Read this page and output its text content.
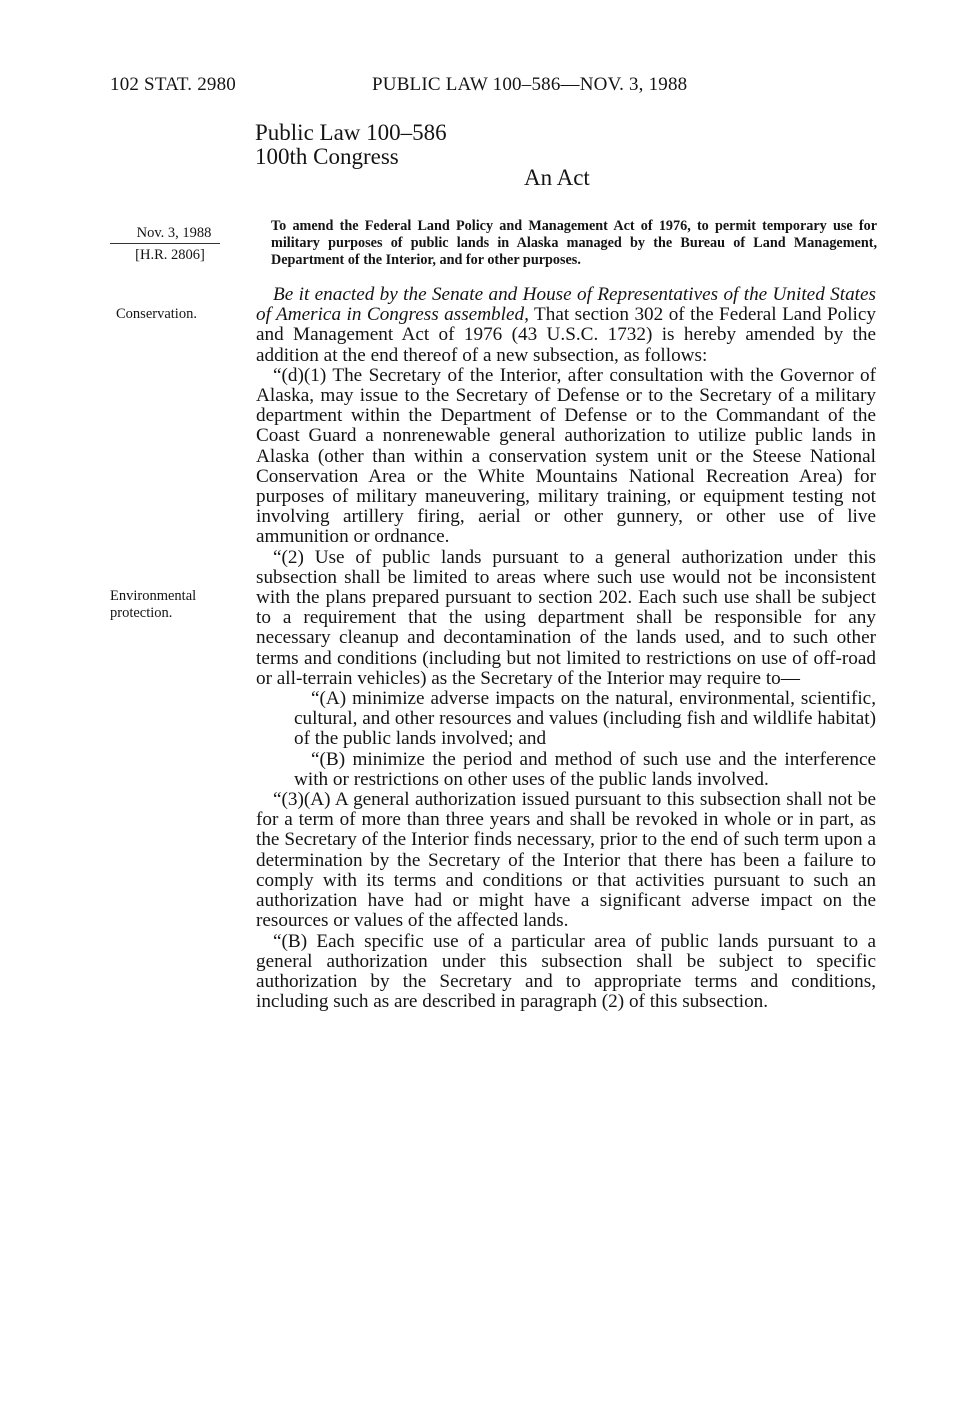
102 STAT. 2980	PUBLIC LAW 100–586—NOV. 3, 1988
Public Law 100–586
100th Congress
An Act
Nov. 3, 1988
[H.R. 2806]
Conservation.
Environmental
protection.
To amend the Federal Land Policy and Management Act of 1976, to permit temporary use for military purposes of public lands in Alaska managed by the Bureau of Land Management, Department of the Interior, and for other purposes.

Be it enacted by the Senate and House of Representatives of the United States of America in Congress assembled, That section 302 of the Federal Land Policy and Management Act of 1976 (43 U.S.C. 1732) is hereby amended by the addition at the end thereof of a new subsection, as follows:

“(d)(1) The Secretary of the Interior, after consultation with the Governor of Alaska, may issue to the Secretary of Defense or to the Secretary of a military department within the Department of Defense or to the Commandant of the Coast Guard a nonrenewable general authorization to utilize public lands in Alaska (other than within a conservation system unit or the Steese National Conservation Area or the White Mountains National Recreation Area) for purposes of military maneuvering, military training, or equipment testing not involving artillery firing, aerial or other gunnery, or other use of live ammunition or ordnance.

“(2) Use of public lands pursuant to a general authorization under this subsection shall be limited to areas where such use would not be inconsistent with the plans prepared pursuant to section 202. Each such use shall be subject to a requirement that the using department shall be responsible for any necessary cleanup and decontamination of the lands used, and to such other terms and conditions (including but not limited to restrictions on use of off-road or all-terrain vehicles) as the Secretary of the Interior may require to—

“(A) minimize adverse impacts on the natural, environmental, scientific, cultural, and other resources and values (including fish and wildlife habitat) of the public lands involved; and

“(B) minimize the period and method of such use and the interference with or restrictions on other uses of the public lands involved.

“(3)(A) A general authorization issued pursuant to this subsection shall not be for a term of more than three years and shall be revoked in whole or in part, as the Secretary of the Interior finds necessary, prior to the end of such term upon a determination by the Secretary of the Interior that there has been a failure to comply with its terms and conditions or that activities pursuant to such an authorization have had or might have a significant adverse impact on the resources or values of the affected lands.

“(B) Each specific use of a particular area of public lands pursuant to a general authorization under this subsection shall be subject to specific authorization by the Secretary and to appropriate terms and conditions, including such as are described in paragraph (2) of this subsection.
